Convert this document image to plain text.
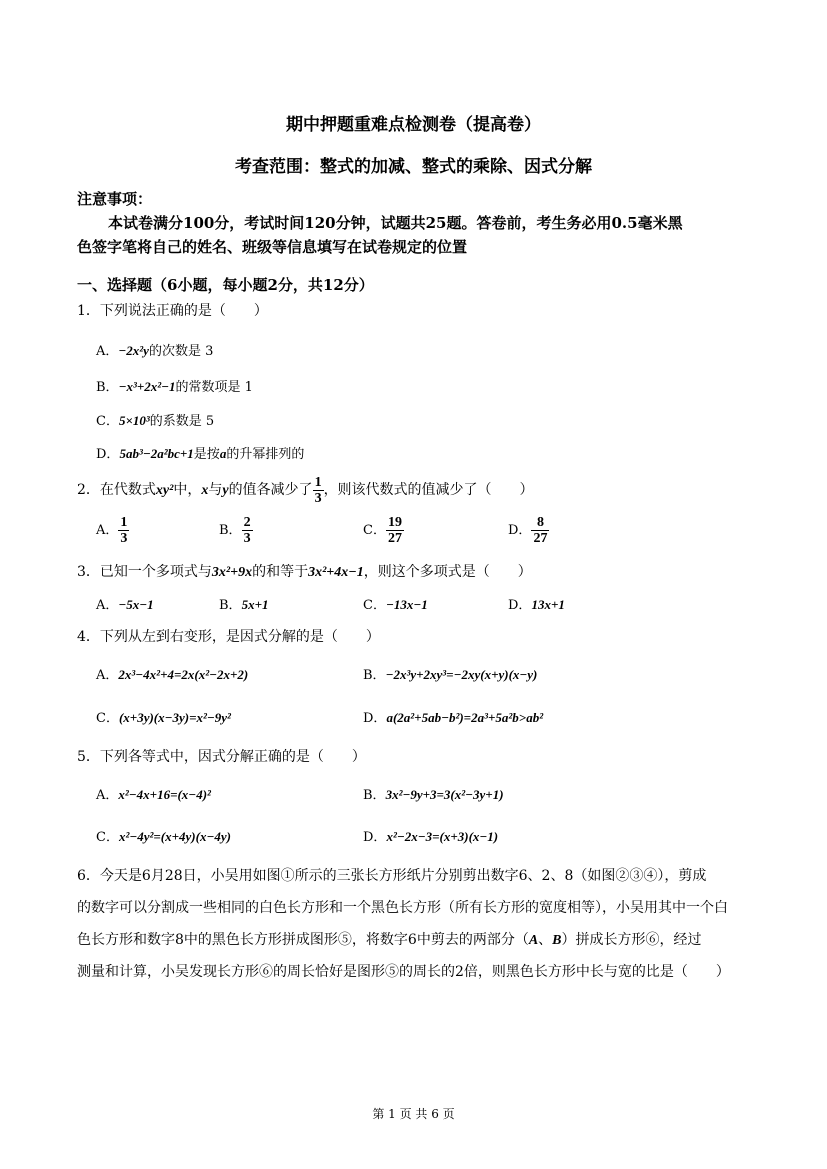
期中押题重难点检测卷（提高卷）
考查范围：整式的加减、整式的乘除、因式分解
注意事项：
本试卷满分100分，考试时间120分钟，试题共25题。答卷前，考生务必用0.5毫米黑
色签字笔将自己的姓名、班级等信息填写在试卷规定的位置
一、选择题（6小题，每小题2分，共12分）
1．下列说法正确的是（　　）
A．−2x²y的次数是 3
B．−x³+2x²−1的常数项是 1
C．5×10³的系数是 5
D．5ab³−2a²bc+1是按a的升幂排列的
2．在代数式xy²中，x与y的值各减少了 $\frac{1}{3}$ ，则该代数式的值减少了（　　）
A． $\frac{1}{3}$	B． $\frac{2}{3}$	C． $\frac{19}{27}$	D． $\frac{8}{27}$
3．已知一个多项式与3x²+9x的和等于3x²+4x−1，则这个多项式是（　　）
A．−5x−1	B．5x+1	C．−13x−1	D．13x+1
4．下列从左到右变形，是因式分解的是（　　）
A．2x³−4x²+4=2x(x²−2x+2)	B．−2x³y+2xy³=−2xy(x+y)(x−y)
C．(x+3y)(x−3y)=x²−9y²	D．a(2a²+5ab−b²)=2a³+5a²b>ab²
5．下列各等式中，因式分解正确的是（　　）
A．x²−4x+16=(x−4)²	B．3x²−9y+3=3(x²−3y+1)
C．x²−4y²=(x+4y)(x−4y)	D．x²−2x−3=(x+3)(x−1)
6．今天是6月28日，小吴用如图①所示的三张长方形纸片分别剪出数字6、2、8（如图②③④），剪成
的数字可以分割成一些相同的白色长方形和一个黑色长方形（所有长方形的宽度相等），小吴用其中一个白
色长方形和数字8中的黑色长方形拼成图形⑤，将数字6中剪去的两部分（A、B）拼成长方形⑥，经过
测量和计算，小吴发现长方形⑥的周长恰好是图形⑤的周长的2倍，则黑色长方形中长与宽的比是（　　）
第 1 页 共 6 页
